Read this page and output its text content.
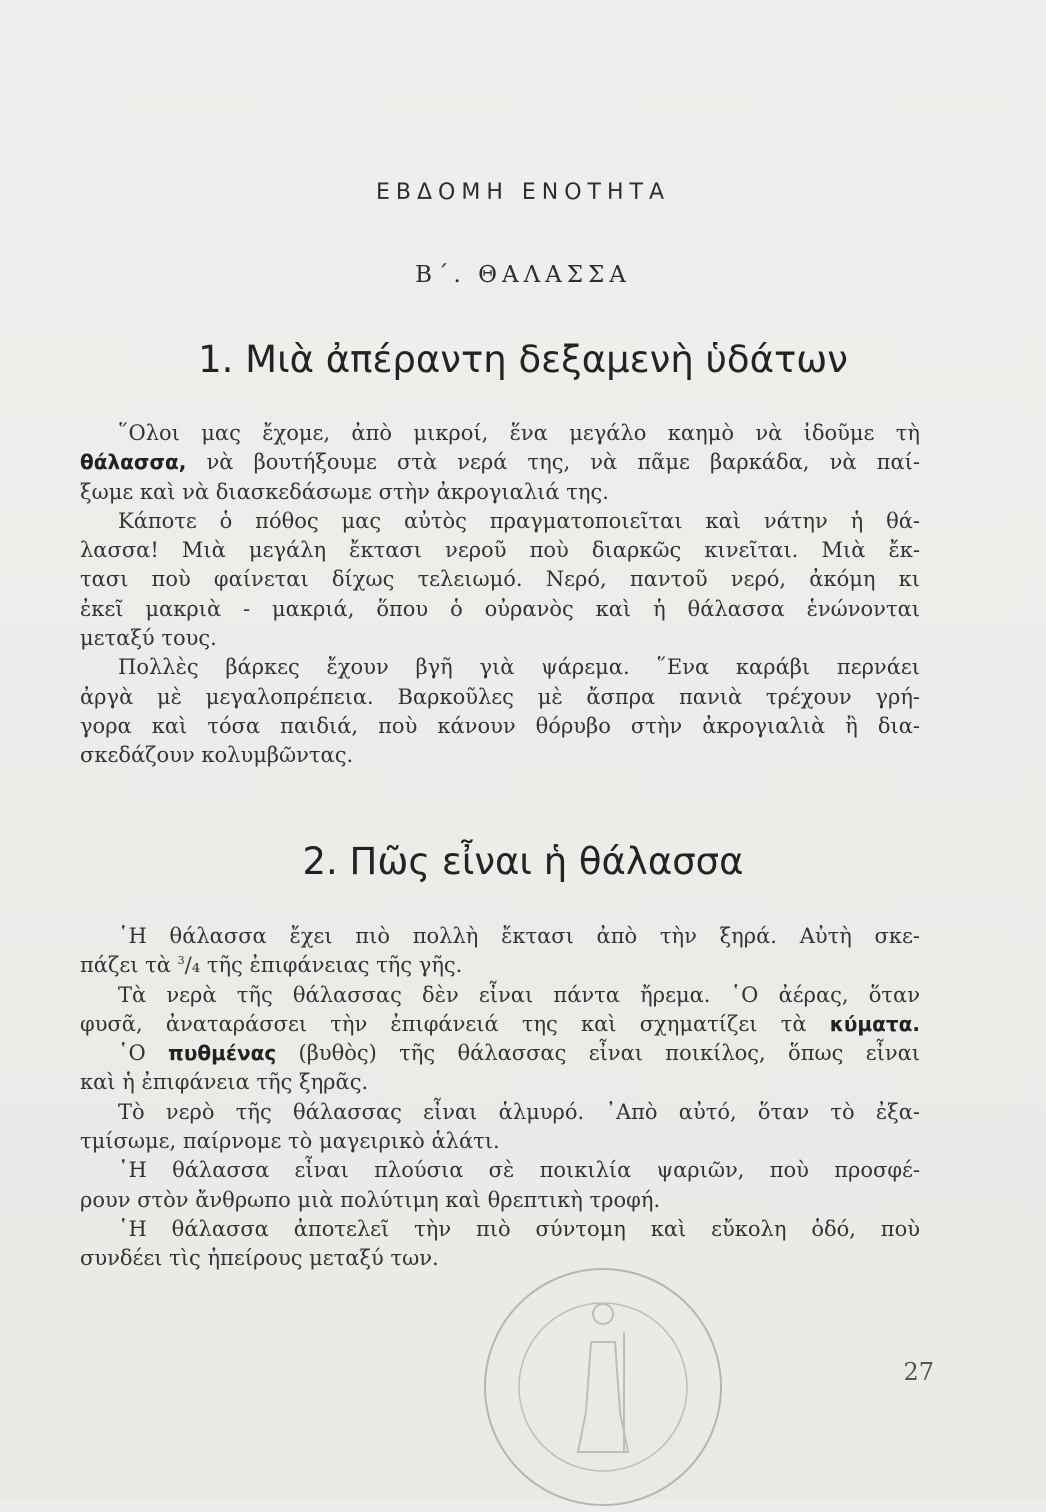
ΕΒΔΟΜΗ ΕΝΟΤΗΤΑ
Β΄. ΘΑΛΑΣΣΑ
1. Μιὰ ἀπέραντη δεξαμενὴ ὑδάτων
῞Ολοι μας ἔχομε, ἀπὸ μικροί, ἕνα μεγάλο καημὸ νὰ ἰδοῦμε τὴ
θάλασσα, νὰ βουτήξουμε στὰ νερά της, νὰ πᾶμε βαρκάδα, νὰ παί-
ξωμε καὶ νὰ διασκεδάσωμε στὴν ἀκρογιαλιά της.
Κάποτε ὁ πόθος μας αὐτὸς πραγματοποιεῖται καὶ νάτην ἡ θά-
λασσα! Μιὰ μεγάλη ἔκτασι νεροῦ ποὺ διαρκῶς κινεῖται. Μιὰ ἔκ-
τασι ποὺ φαίνεται δίχως τελειωμό. Νερό, παντοῦ νερό, ἀκόμη κι
ἐκεῖ μακριὰ - μακριά, ὅπου ὁ οὐρανὸς καὶ ἡ θάλασσα ἑνώνονται
μεταξύ τους.
Πολλὲς βάρκες ἔχουν βγῆ γιὰ ψάρεμα. ῞Ενα καράβι περνάει
ἀργὰ μὲ μεγαλοπρέπεια. Βαρκοῦλες μὲ ἄσπρα πανιὰ τρέχουν γρή-
γορα καὶ τόσα παιδιά, ποὺ κάνουν θόρυβο στὴν ἀκρογιαλιὰ ἢ δια-
σκεδάζουν κολυμβῶντας.
2. Πῶς εἶναι ἡ θάλασσα
῾Η θάλασσα ἔχει πιὸ πολλὴ ἔκτασι ἀπὸ τὴν ξηρά. Αὐτὴ σκε-
πάζει τὰ $^3$/₄ τῆς ἐπιφάνειας τῆς γῆς.
Τὰ νερὰ τῆς θάλασσας δὲν εἶναι πάντα ἤρεμα. ῾Ο ἀέρας, ὅταν
φυσᾶ, ἀναταράσσει τὴν ἐπιφάνειά της καὶ σχηματίζει τὰ κύματα.
῾Ο πυθμένας (βυθὸς) τῆς θάλασσας εἶναι ποικίλος, ὅπως εἶναι
καὶ ἡ ἐπιφάνεια τῆς ξηρᾶς.
Τὸ νερὸ τῆς θάλασσας εἶναι ἁλμυρό. ᾿Απὸ αὐτό, ὅταν τὸ ἐξα-
τμίσωμε, παίρνομε τὸ μαγειρικὸ ἁλάτι.
῾Η θάλασσα εἶναι πλούσια σὲ ποικιλία ψαριῶν, ποὺ προσφέ-
ρουν στὸν ἄνθρωπο μιὰ πολύτιμη καὶ θρεπτικὴ τροφή.
῾Η θάλασσα ἀποτελεῖ τὴν πιὸ σύντομη καὶ εὔκολη ὁδό, ποὺ
συνδέει τὶς ἠπείρους μεταξύ των.
27
